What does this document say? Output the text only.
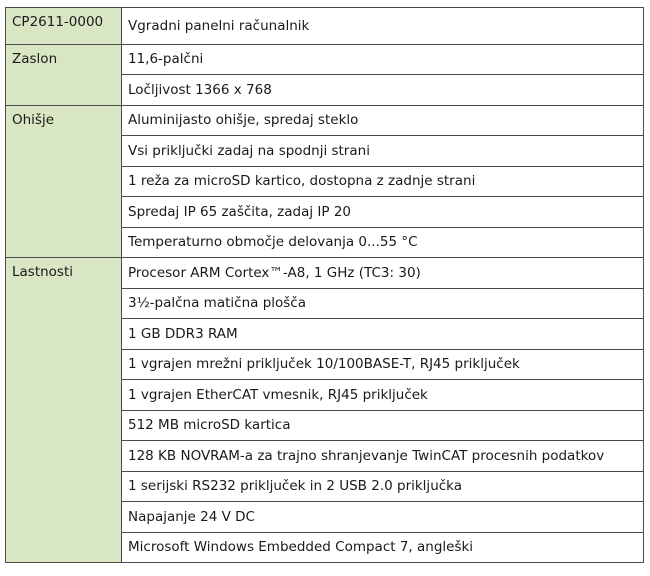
CP2611-0000	Vgradni panelni računalnik
Zaslon	11,6-palčni
	Ločljivost 1366 x 768
Ohišje	Aluminijasto ohišje, spredaj steklo
	Vsi priključki zadaj na spodnji strani
	1 reža za microSD kartico, dostopna z zadnje strani
	Spredaj IP 65 zaščita, zadaj IP 20
	Temperaturno območje delovanja 0...55 °C
Lastnosti	Procesor ARM Cortex™-A8, 1 GHz (TC3: 30)
	3½-palčna matična plošča
	1 GB DDR3 RAM
	1 vgrajen mrežni priključek 10/100BASE-T, RJ45 priključek
	1 vgrajen EtherCAT vmesnik, RJ45 priključek
	512 MB microSD kartica
	128 KB NOVRAM-a za trajno shranjevanje TwinCAT procesnih podatkov
	1 serijski RS232 priključek in 2 USB 2.0 priključka
	Napajanje 24 V DC
	Microsoft Windows Embedded Compact 7, angleški
